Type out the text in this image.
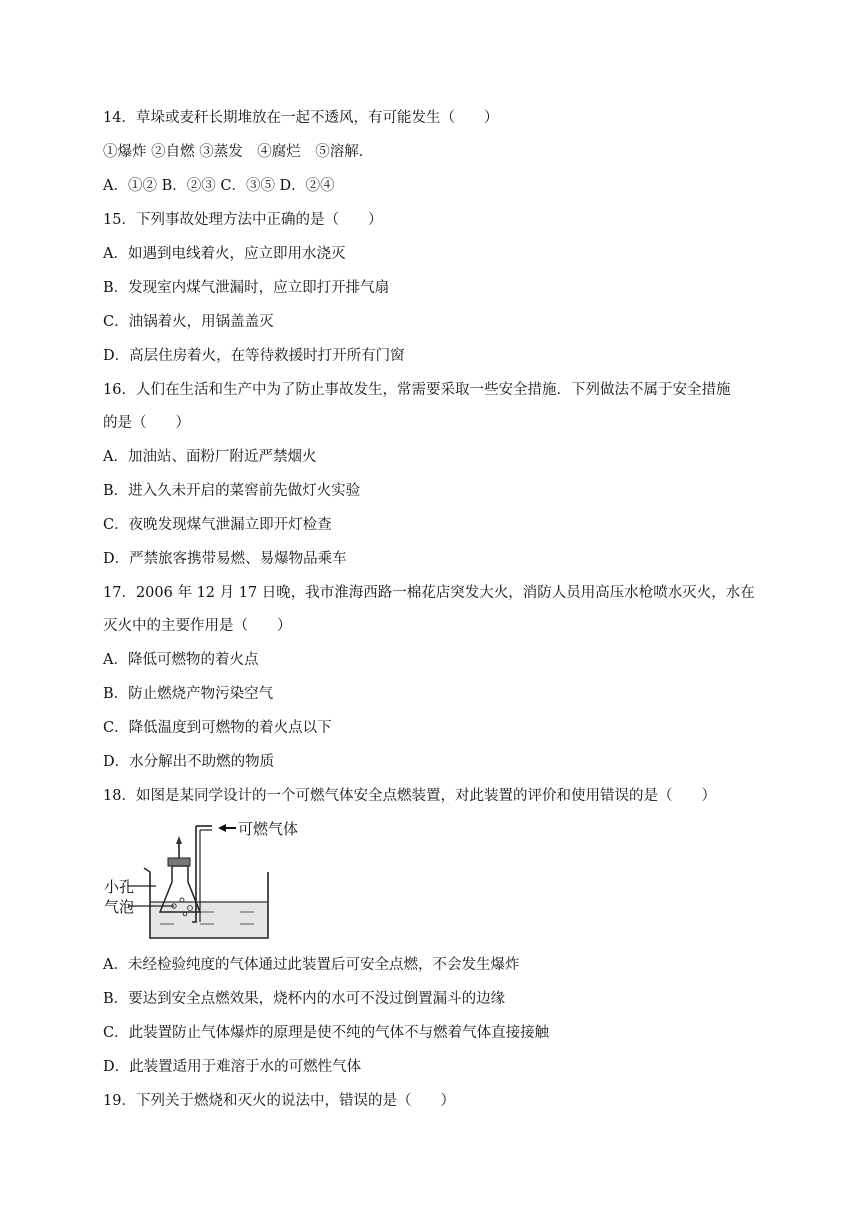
14．草垛或麦秆长期堆放在一起不透风，有可能发生（　　）
①爆炸 ②自燃 ③蒸发　④腐烂　⑤溶解．
A．①② B．②③ C．③⑤ D．②④
15．下列事故处理方法中正确的是（　　）
A．如遇到电线着火，应立即用水浇灭
B．发现室内煤气泄漏时，应立即打开排气扇
C．油锅着火，用锅盖盖灭
D．高层住房着火，在等待救援时打开所有门窗
16．人们在生活和生产中为了防止事故发生，常需要采取一些安全措施．下列做法不属于安全措施
的是（　　）
A．加油站、面粉厂附近严禁烟火
B．进入久未开启的菜窖前先做灯火实验
C．夜晚发现煤气泄漏立即开灯检查
D．严禁旅客携带易燃、易爆物品乘车
17．2006 年 12 月 17 日晚，我市淮海西路一棉花店突发大火，消防人员用高压水枪喷水灭火，水在
灭火中的主要作用是（　　）
A．降低可燃物的着火点
B．防止燃烧产物污染空气
C．降低温度到可燃物的着火点以下
D．水分解出不助燃的物质
18．如图是某同学设计的一个可燃气体安全点燃装置，对此装置的评价和使用错误的是（　　）
可燃气体
小孔
气泡
A．未经检验纯度的气体通过此装置后可安全点燃，不会发生爆炸
B．要达到安全点燃效果，烧杯内的水可不没过倒置漏斗的边缘
C．此装置防止气体爆炸的原理是使不纯的气体不与燃着气体直接接触
D．此装置适用于难溶于水的可燃性气体
19．下列关于燃烧和灭火的说法中，错误的是（　　）
